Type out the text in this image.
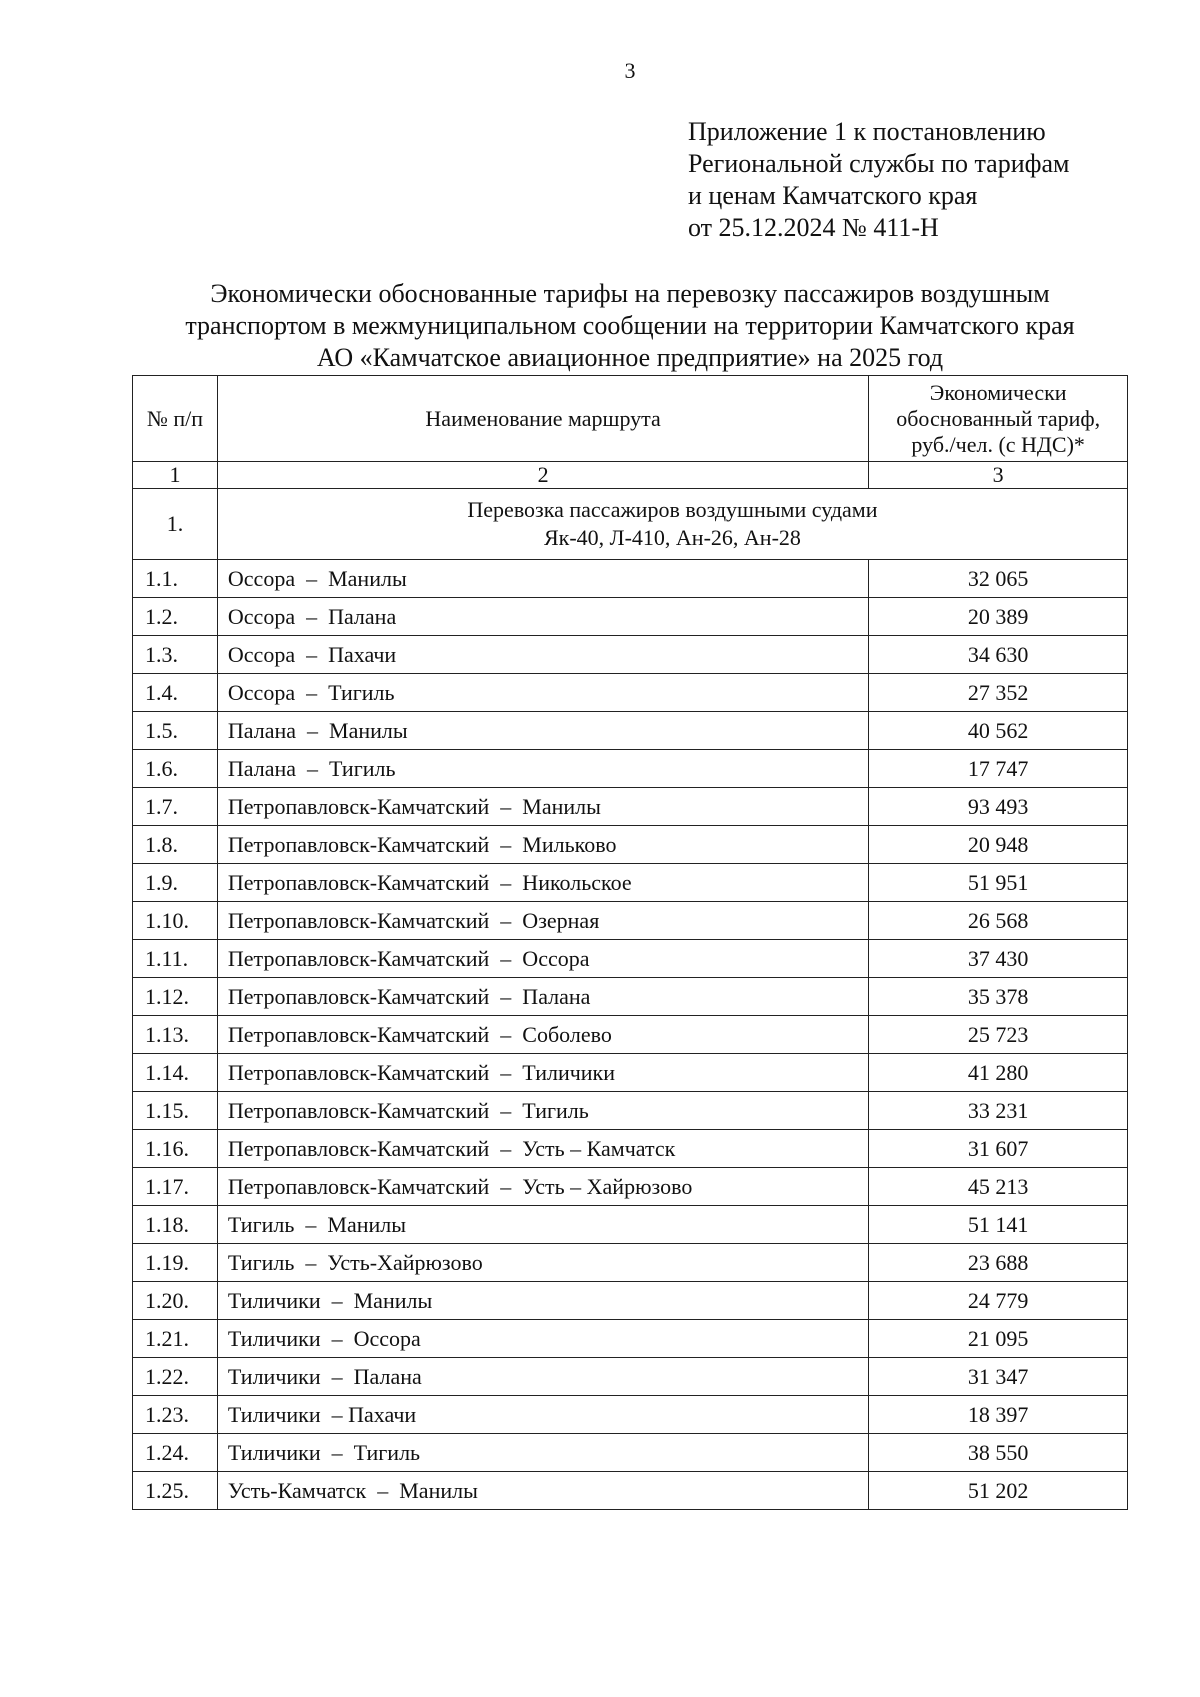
3
Приложение 1 к постановлению
Региональной службы по тарифам
и ценам Камчатского края
от 25.12.2024 № 411-Н
Экономически обоснованные тарифы на перевозку пассажиров воздушным
транспортом в межмуниципальном сообщении на территории Камчатского края
АО «Камчатское авиационное предприятие» на 2025 год
№ п/п	Наименование маршрута	Экономически
обоснованный тариф,
руб./чел. (с НДС)*

1	2	3
1.	Перевозка пассажиров воздушными судами
Як-40, Л-410, Ан-26, Ан-28	

1.1.	Оссора  –  Манилы	32 065
1.2.	Оссора  –  Палана	20 389
1.3.	Оссора  –  Пахачи	34 630
1.4.	Оссора  –  Тигиль	27 352
1.5.	Палана  –  Манилы	40 562
1.6.	Палана  –  Тигиль	17 747
1.7.	Петропавловск-Камчатский  –  Манилы	93 493
1.8.	Петропавловск-Камчатский  –  Мильково	20 948
1.9.	Петропавловск-Камчатский  –  Никольское	51 951
1.10.	Петропавловск-Камчатский  –  Озерная	26 568
1.11.	Петропавловск-Камчатский  –  Оссора	37 430
1.12.	Петропавловск-Камчатский  –  Палана	35 378
1.13.	Петропавловск-Камчатский  –  Соболево	25 723
1.14.	Петропавловск-Камчатский  –  Тиличики	41 280
1.15.	Петропавловск-Камчатский  –  Тигиль	33 231
1.16.	Петропавловск-Камчатский  –  Усть – Камчатск	31 607
1.17.	Петропавловск-Камчатский  –  Усть – Хайрюзово	45 213
1.18.	Тигиль  –  Манилы	51 141
1.19.	Тигиль  –  Усть-Хайрюзово	23 688
1.20.	Тиличики  –  Манилы	24 779
1.21.	Тиличики  –  Оссора	21 095
1.22.	Тиличики  –  Палана	31 347
1.23.	Тиличики  – Пахачи	18 397
1.24.	Тиличики  –  Тигиль	38 550
1.25.	Усть-Камчатск  –  Манилы	51 202
